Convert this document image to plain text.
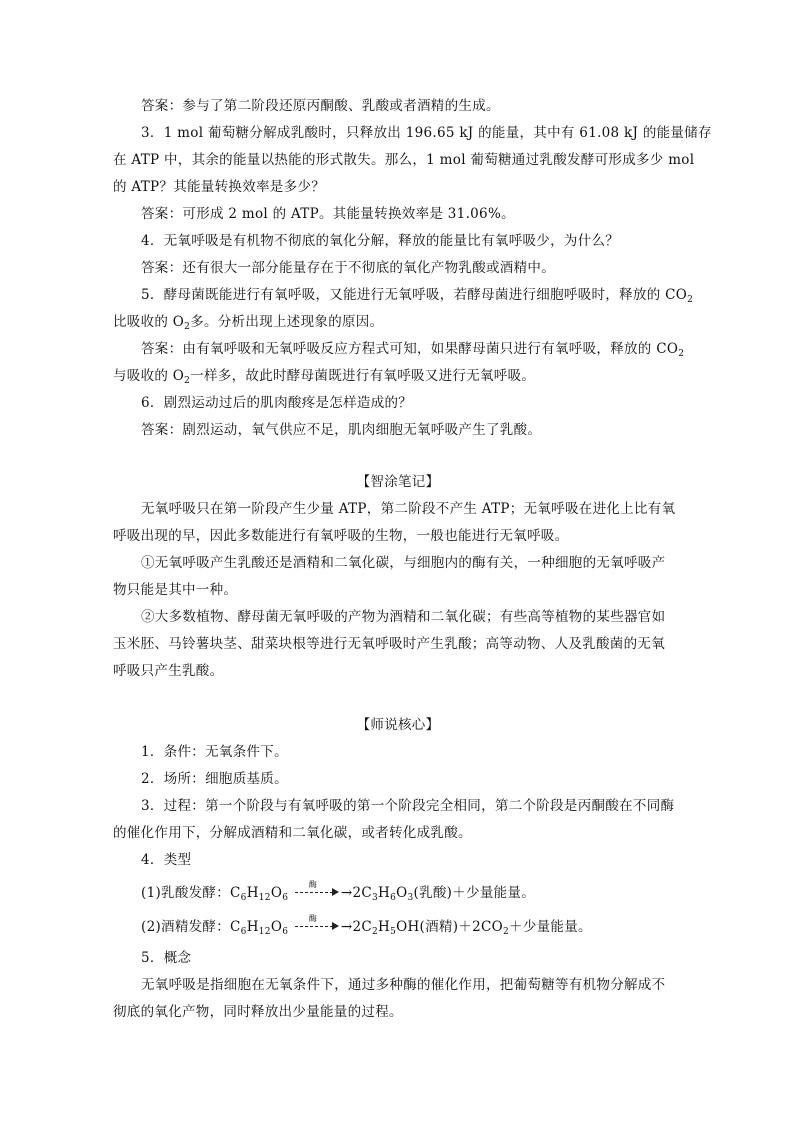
答案：参与了第二阶段还原丙酮酸、乳酸或者酒精的生成。
3．1 mol 葡萄糖分解成乳酸时，只释放出 196.65 kJ 的能量，其中有 61.08 kJ 的能量储存
在 ATP 中，其余的能量以热能的形式散失。那么，1 mol 葡萄糖通过乳酸发酵可形成多少 mol
的 ATP？其能量转换效率是多少？
答案：可形成 2 mol 的 ATP。其能量转换效率是 31.06%。
4．无氧呼吸是有机物不彻底的氧化分解，释放的能量比有氧呼吸少，为什么？
答案：还有很大一部分能量存在于不彻底的氧化产物乳酸或酒精中。
5．酵母菌既能进行有氧呼吸，又能进行无氧呼吸，若酵母菌进行细胞呼吸时，释放的 $CO_2$
比吸收的 $O_2$多。分析出现上述现象的原因。
答案：由有氧呼吸和无氧呼吸反应方程式可知，如果酵母菌只进行有氧呼吸，释放的 $CO_2$
与吸收的 $O_2$一样多，故此时酵母菌既进行有氧呼吸又进行无氧呼吸。
6．剧烈运动过后的肌肉酸疼是怎样造成的？
答案：剧烈运动，氧气供应不足，肌肉细胞无氧呼吸产生了乳酸。
【智涂笔记】
无氧呼吸只在第一阶段产生少量 ATP，第二阶段不产生 ATP；无氧呼吸在进化上比有氧
呼吸出现的早，因此多数能进行有氧呼吸的生物，一般也能进行无氧呼吸。
①无氧呼吸产生乳酸还是酒精和二氧化碳，与细胞内的酶有关，一种细胞的无氧呼吸产
物只能是其中一种。
②大多数植物、酵母菌无氧呼吸的产物为酒精和二氧化碳；有些高等植物的某些器官如
玉米胚、马铃薯块茎、甜菜块根等进行无氧呼吸时产生乳酸；高等动物、人及乳酸菌的无氧
呼吸只产生乳酸。
【师说核心】
1．条件：无氧条件下。
2．场所：细胞质基质。
3．过程：第一个阶段与有氧呼吸的第一个阶段完全相同，第二个阶段是丙酮酸在不同酶
的催化作用下，分解成酒精和二氧化碳，或者转化成乳酸。
4．类型
(1)乳酸发酵：$C_6H_{12}O_6$
酶
$\to 2C_3H_6O_3$(乳酸)＋少量能量。
(2)酒精发酵：$C_6H_{12}O_6$
酶
$\to 2C_2H_5OH$(酒精)$+2CO_2+$少量能量。
5．概念
无氧呼吸是指细胞在无氧条件下，通过多种酶的催化作用，把葡萄糖等有机物分解成不
彻底的氧化产物，同时释放出少量能量的过程。
